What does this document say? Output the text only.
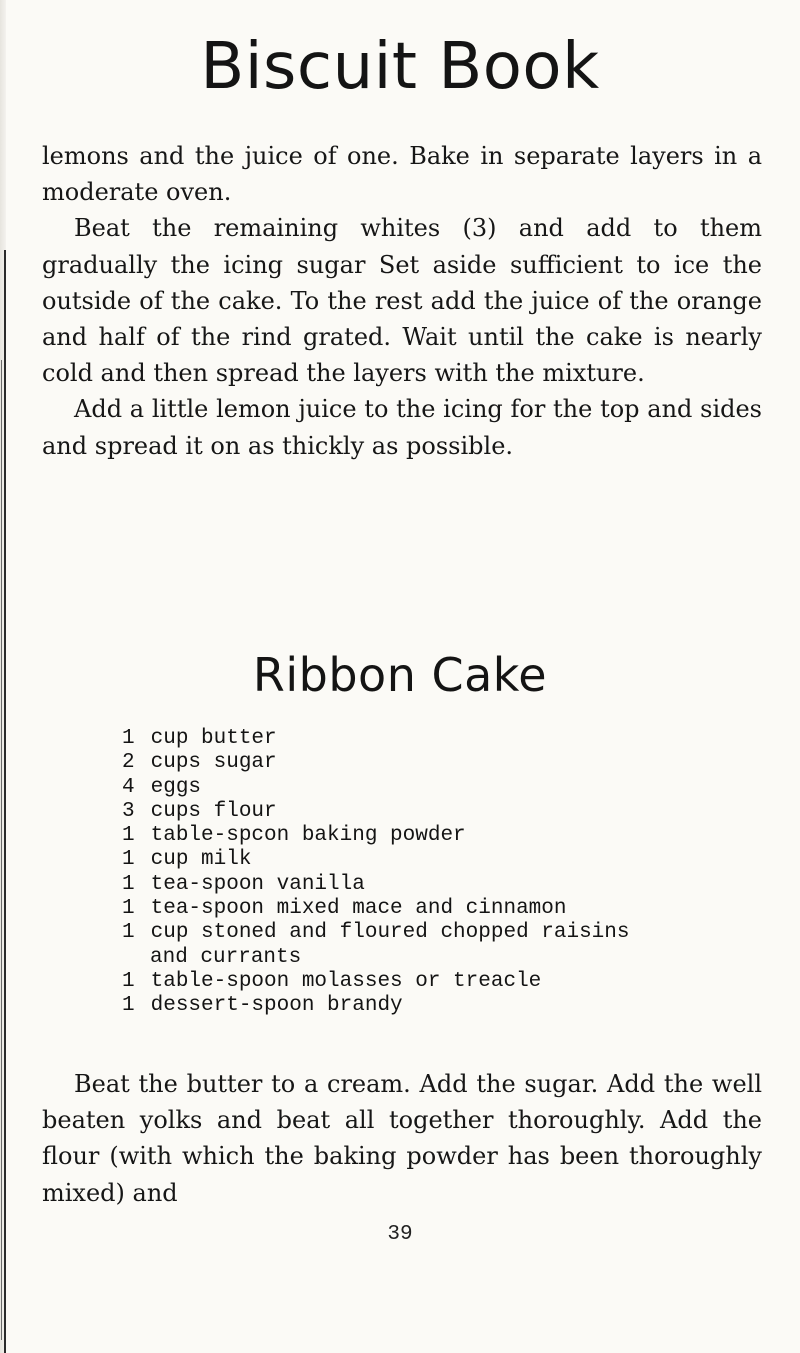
Biscuit Book

lemons and the juice of one. Bake in separate layers in a moderate oven.

Beat the remaining whites (3) and add to them gradually the icing sugar Set aside sufficient to ice the outside of the cake. To the rest add the juice of the orange and half of the rind grated. Wait until the cake is nearly cold and then spread the layers with the mixture.

Add a little lemon juice to the icing for the top and sides and spread it on as thickly as possible.

Ribbon Cake
1 cup butter
2 cups sugar
4 eggs
3 cups flour
1 table-spcon baking powder
1 cup milk
1 tea-spoon vanilla
1 tea-spoon mixed mace and cinnamon
1 cup stoned and floured chopped raisins
and currants
1 table-spoon molasses or treacle
1 dessert-spoon brandy

Beat the butter to a cream. Add the sugar. Add the well beaten yolks and beat all together thoroughly. Add the flour (with which the baking powder has been thoroughly mixed) and

39
